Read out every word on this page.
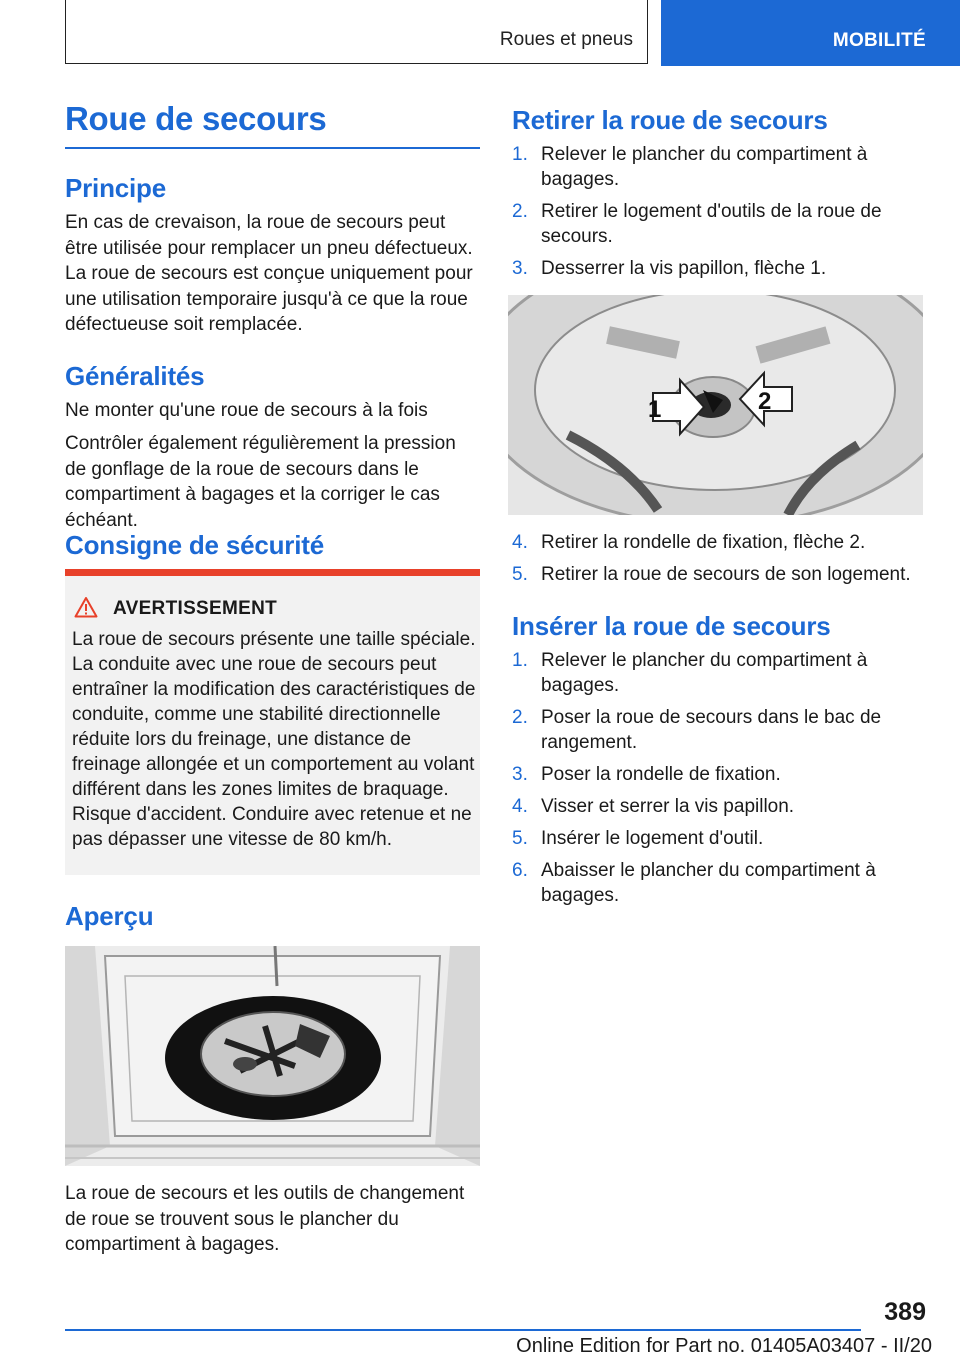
Roues et pneus	MOBILITÉ
Roue de secours
Principe

En cas de crevaison, la roue de secours peut être utilisée pour remplacer un pneu défectueux. La roue de secours est conçue uniquement pour une utilisation temporaire jusqu'à ce que la roue défectueuse soit remplacée.

Généralités

Ne monter qu'une roue de secours à la fois

Contrôler également régulièrement la pression de gonflage de la roue de secours dans le compartiment à bagages et la corriger le cas échéant.

Consigne de sécurité
AVERTISSEMENT
La roue de secours présente une taille spéciale. La conduite avec une roue de secours peut entraîner la modification des caractéristiques de conduite, comme une stabilité directionnelle réduite lors du freinage, une distance de freinage allongée et un comportement au volant différent dans les zones limites de braquage. Risque d'accident. Conduire avec retenue et ne pas dépasser une vitesse de 80 km/h.
Aperçu

La roue de secours et les outils de changement de roue se trouvent sous le plancher du compartiment à bagages.

Retirer la roue de secours
1. Relever le plancher du compartiment à bagages.
2. Retirer le logement d'outils de la roue de secours.
3. Desserrer la vis papillon, flèche 1.
1	2
4. Retirer la rondelle de fixation, flèche 2.
5. Retirer la roue de secours de son logement.
Insérer la roue de secours
1. Relever le plancher du compartiment à bagages.
2. Poser la roue de secours dans le bac de rangement.
3. Poser la rondelle de fixation.
4. Visser et serrer la vis papillon.
5. Insérer le logement d'outil.
6. Abaisser le plancher du compartiment à bagages.
389
Online Edition for Part no. 01405A03407 - II/20
